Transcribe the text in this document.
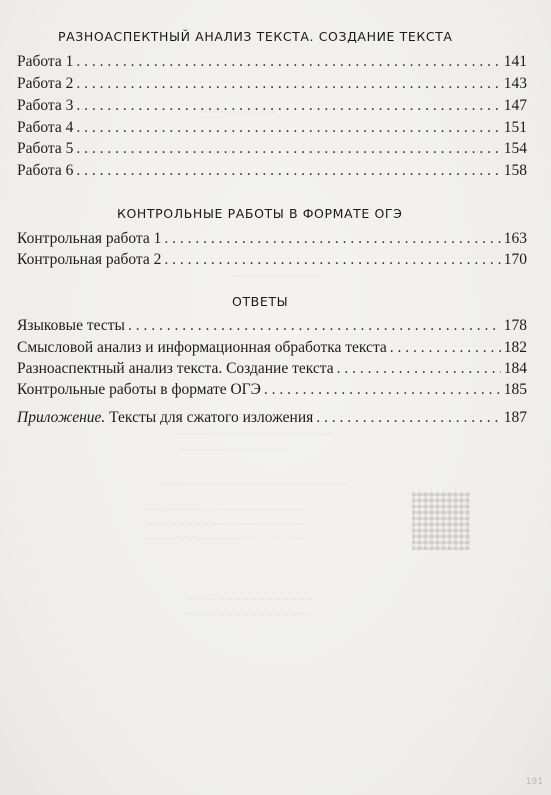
·····························
·························
··································
·························································
········································
·······································································
·····························································
·····························································
·····························································
················································
··············································
РАЗНОАСПЕКТНЫЙ АНАЛИЗ ТЕКСТА. СОЗДАНИЕ ТЕКСТА
Работа 1 . . .	141
Работа 2 . . .	143
Работа 3 . . .	147
Работа 4 . . .	151
Работа 5 . . .	154
Работа 6 . . .	158
КОНТРОЛЬНЫЕ РАБОТЫ В ФОРМАТЕ ОГЭ
Контрольная работа 1 . . .	163
Контрольная работа 2 . . .	170
ОТВЕТЫ
Языковые тесты . . .	178
Смысловой анализ и информационная обработка текста . . .	182
Разноаспектный анализ текста. Создание текста . . .	184
Контрольные работы в формате ОГЭ . . .	185
Приложение. Тексты для сжатого изложения . . .	187
191
